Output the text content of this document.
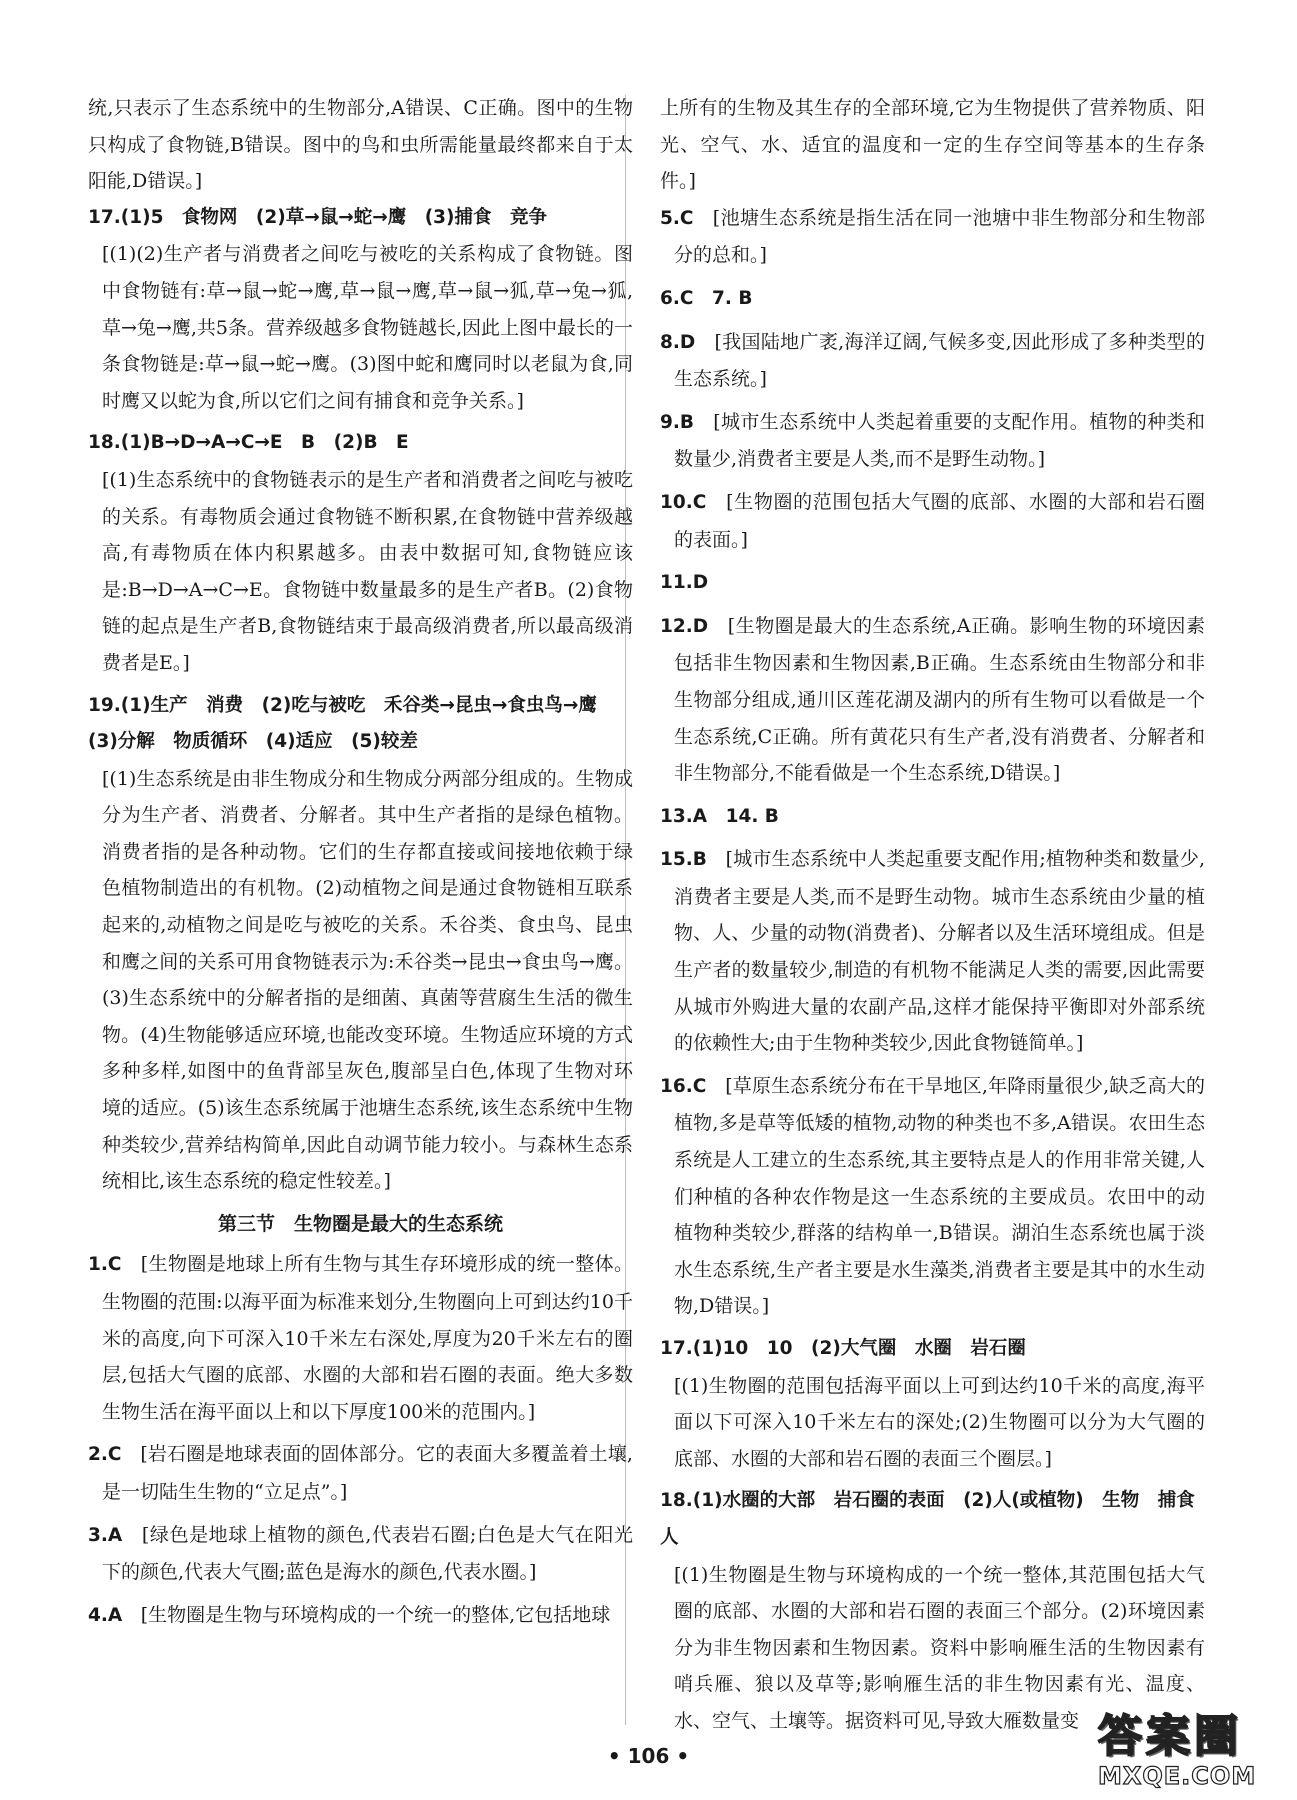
统,只表示了生态系统中的生物部分,A错误、C正确。图中的生物只构成了食物链,B错误。图中的鸟和虫所需能量最终都来自于太阳能,D错误。]
17.(1)5　食物网　(2)草→鼠→蛇→鹰　(3)捕食　竞争
[(1)(2)生产者与消费者之间吃与被吃的关系构成了食物链。图中食物链有:草→鼠→蛇→鹰,草→鼠→鹰,草→鼠→狐,草→兔→狐,草→兔→鹰,共5条。营养级越多食物链越长,因此上图中最长的一条食物链是:草→鼠→蛇→鹰。(3)图中蛇和鹰同时以老鼠为食,同时鹰又以蛇为食,所以它们之间有捕食和竞争关系。]
18.(1)B→D→A→C→E　B　(2)B　E
[(1)生态系统中的食物链表示的是生产者和消费者之间吃与被吃的关系。有毒物质会通过食物链不断积累,在食物链中营养级越高,有毒物质在体内积累越多。由表中数据可知,食物链应该是:B→D→A→C→E。食物链中数量最多的是生产者B。(2)食物链的起点是生产者B,食物链结束于最高级消费者,所以最高级消费者是E。]
19.(1)生产　消费　(2)吃与被吃　禾谷类→昆虫→食虫鸟→鹰　(3)分解　物质循环　(4)适应　(5)较差
[(1)生态系统是由非生物成分和生物成分两部分组成的。生物成分为生产者、消费者、分解者。其中生产者指的是绿色植物。消费者指的是各种动物。它们的生存都直接或间接地依赖于绿色植物制造出的有机物。(2)动植物之间是通过食物链相互联系起来的,动植物之间是吃与被吃的关系。禾谷类、食虫鸟、昆虫和鹰之间的关系可用食物链表示为:禾谷类→昆虫→食虫鸟→鹰。(3)生态系统中的分解者指的是细菌、真菌等营腐生生活的微生物。(4)生物能够适应环境,也能改变环境。生物适应环境的方式多种多样,如图中的鱼背部呈灰色,腹部呈白色,体现了生物对环境的适应。(5)该生态系统属于池塘生态系统,该生态系统中生物种类较少,营养结构简单,因此自动调节能力较小。与森林生态系统相比,该生态系统的稳定性较差。]
第三节　生物圈是最大的生态系统
1.C　 [生物圈是地球上所有生物与其生存环境形成的统一整体。生物圈的范围:以海平面为标准来划分,生物圈向上可到达约10千米的高度,向下可深入10千米左右深处,厚度为20千米左右的圈层,包括大气圈的底部、水圈的大部和岩石圈的表面。绝大多数生物生活在海平面以上和以下厚度100米的范围内。]
2.C　 [岩石圈是地球表面的固体部分。它的表面大多覆盖着土壤,是一切陆生生物的“立足点”。]
3.A　 [绿色是地球上植物的颜色,代表岩石圈;白色是大气在阳光下的颜色,代表大气圈;蓝色是海水的颜色,代表水圈。]
4.A　 [生物圈是生物与环境构成的一个统一的整体,它包括地球
上所有的生物及其生存的全部环境,它为生物提供了营养物质、阳光、空气、水、适宜的温度和一定的生存空间等基本的生存条件。]
5.C　 [池塘生态系统是指生活在同一池塘中非生物部分和生物部分的总和。]
6.C　7. B
8.D　 [我国陆地广袤,海洋辽阔,气候多变,因此形成了多种类型的生态系统。]
9.B　 [城市生态系统中人类起着重要的支配作用。植物的种类和数量少,消费者主要是人类,而不是野生动物。]
10.C　 [生物圈的范围包括大气圈的底部、水圈的大部和岩石圈的表面。]
11.D
12.D　 [生物圈是最大的生态系统,A正确。影响生物的环境因素包括非生物因素和生物因素,B正确。生态系统由生物部分和非生物部分组成,通川区莲花湖及湖内的所有生物可以看做是一个生态系统,C正确。所有黄花只有生产者,没有消费者、分解者和非生物部分,不能看做是一个生态系统,D错误。]
13.A　14. B
15.B　 [城市生态系统中人类起重要支配作用;植物种类和数量少,消费者主要是人类,而不是野生动物。城市生态系统由少量的植物、人、少量的动物(消费者)、分解者以及生活环境组成。但是生产者的数量较少,制造的有机物不能满足人类的需要,因此需要从城市外购进大量的农副产品,这样才能保持平衡即对外部系统的依赖性大;由于生物种类较少,因此食物链简单。]
16.C　 [草原生态系统分布在干旱地区,年降雨量很少,缺乏高大的植物,多是草等低矮的植物,动物的种类也不多,A错误。农田生态系统是人工建立的生态系统,其主要特点是人的作用非常关键,人们种植的各种农作物是这一生态系统的主要成员。农田中的动植物种类较少,群落的结构单一,B错误。湖泊生态系统也属于淡水生态系统,生产者主要是水生藻类,消费者主要是其中的水生动物,D错误。]
17.(1)10　10　(2)大气圈　水圈　岩石圈
[(1)生物圈的范围包括海平面以上可到达约10千米的高度,海平面以下可深入10千米左右的深处;(2)生物圈可以分为大气圈的底部、水圈的大部和岩石圈的表面三个圈层。]
18.(1)水圈的大部　岩石圈的表面　(2)人(或植物)　生物　捕食　人
[(1)生物圈是生物与环境构成的一个统一整体,其范围包括大气圈的底部、水圈的大部和岩石圈的表面三个部分。(2)环境因素分为非生物因素和生物因素。资料中影响雁生活的生物因素有哨兵雁、狼以及草等;影响雁生活的非生物因素有光、温度、水、空气、土壤等。据资料可见,导致大雁数量变
• 106 •	答案圈
MXQE.COM
